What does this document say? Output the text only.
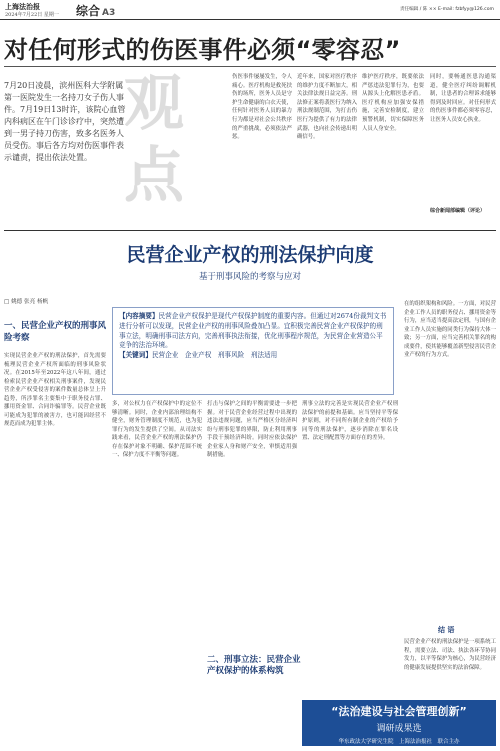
上海法治报
2024年7月22日 星期一 综合 A3	责任编辑 / 陈 ×× E-mail: fzbfyy@126.com
对任何形式的伤医事件必须“零容忍”
观点
7月20日凌晨，滨州医科大学附属第一医院发生一名持刀女子伤人事件。7月19日13时许，该院心血管内科病区在午门诊诊疗中，突然遭到一男子持刀伤害，致多名医务人员受伤。事后各方均对伤医事件表示谴责，提出依法处置。
伤医事件屡屡发生，令人痛心。医疗机构是救死扶伤的场所，医务人员是守护生命健康的白衣天使，任何针对医务人员的暴力行为都是对社会公共秩序的严重挑战，必须依法严惩。
近年来，国家对医疗秩序的维护力度不断加大，相关法律法规日益完善。刑法修正案将袭医行为纳入刑法规制范围，为打击伤医行为提供了有力的法律武器，也向社会传递出明确信号。
维护医疗秩序，既要依法严惩违法犯罪行为，也要从源头上化解医患矛盾。医疗机构应加强安保措施，完善安检制度，建立预警机制，切实保障医务人员人身安全。
同时，要畅通医患沟通渠道，健全医疗纠纷调解机制，让患者的合理诉求能够得到及时回应。对任何形式的伤医事件都必须零容忍，让医务人员安心执业。
综合新闻部编辑（评论）
民营企业产权的刑法保护向度
基于刑事风险的考察与应对
□ 姚德 张亮 杨帆
【内容摘要】民营企业产权保护是现代产权保护制度的重要内容。但通过对2674份裁判文书进行分析可以发现，民营企业产权的刑事风险叠加凸显。宜积极完善民营企业产权保护的刑事立法，明确刑事司法方向，完善刑事执法衔接，优化刑事程序规范，为民营企业营造公平竞争的法治环境。
【关键词】民营企业　企业产权　刑事风险　刑法适用
一、民营企业产权的刑事风险考察
实现民营企业产权的刑法保护，首先需要梳理民营企业产权所面临的刑事风险状况。在2015年至2022年这八年间，通过检索民营企业产权相关刑事案件，发现民营企业产权受侵害的案件数量总体呈上升趋势，所涉罪名主要集中于职务侵占罪、挪用资金罪、合同诈骗罪等。民营企业既可能成为犯罪的被害方，也可能因经营不规范而成为犯罪主体。
多，对公权力在产权保护中的定位不够清晰。同时，企业内部治理结构不健全，财务管理制度不规范，也为犯罪行为的发生提供了空间。从司法实践来看，民营企业产权的刑法保护仍存在保护对象不明确、保护范围不统一、保护力度不平衡等问题。
打击与保护之间的平衡需要进一步把握。对于民营企业经营过程中出现的违法违规问题，应当严格区分经济纠纷与刑事犯罪的界限，防止利用刑事手段干预经济纠纷。同时应依法保护企业家人身和财产安全，审慎适用强制措施。
二、刑事立法：民营企业产权保护的体系构筑
刑事立法的完善是实现民营企业产权刑法保护的前提和基础。应当坚持平等保护原则，对不同所有制企业的产权给予同等的刑法保护，逐步消除在罪名设置、法定刑配置等方面存在的差异。
在的组织架构和风险。一方面，对民营企业工作人员的职务侵占、挪用资金等行为，应当适当提高法定刑，与国有企业工作人员实施的同类行为保持大体一致；另一方面，应当完善相关罪名的构成要件，使其能够覆盖新型侵害民营企业产权的行为方式。
结 语
民营企业产权的刑法保护是一项系统工程，需要立法、司法、执法各环节协同发力，以平等保护为核心，为民营经济的健康发展提供坚实的法治保障。
“法治建设与社会管理创新”
调研成果选
华东政法大学研究生院　上海法治报社　联合主办
